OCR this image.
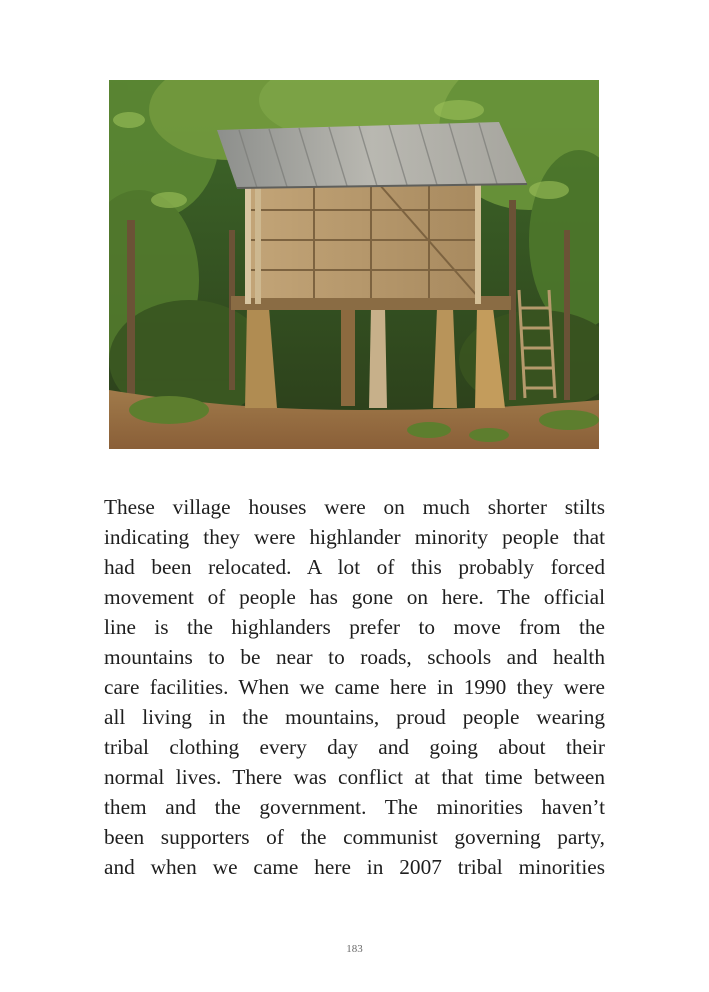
These village houses were on much shorter stilts
indicating they were highlander minority people that
had been relocated. A lot of this probably forced
movement of people has gone on here. The official
line is the highlanders prefer to move from the
mountains to be near to roads, schools and health
care facilities. When we came here in 1990 they were
all living in the mountains, proud people wearing
tribal clothing every day and going about their
normal lives. There was conflict at that time between
them and the government. The minorities haven’t
been supporters of the communist governing party,
and when we came here in 2007 tribal minorities

183
